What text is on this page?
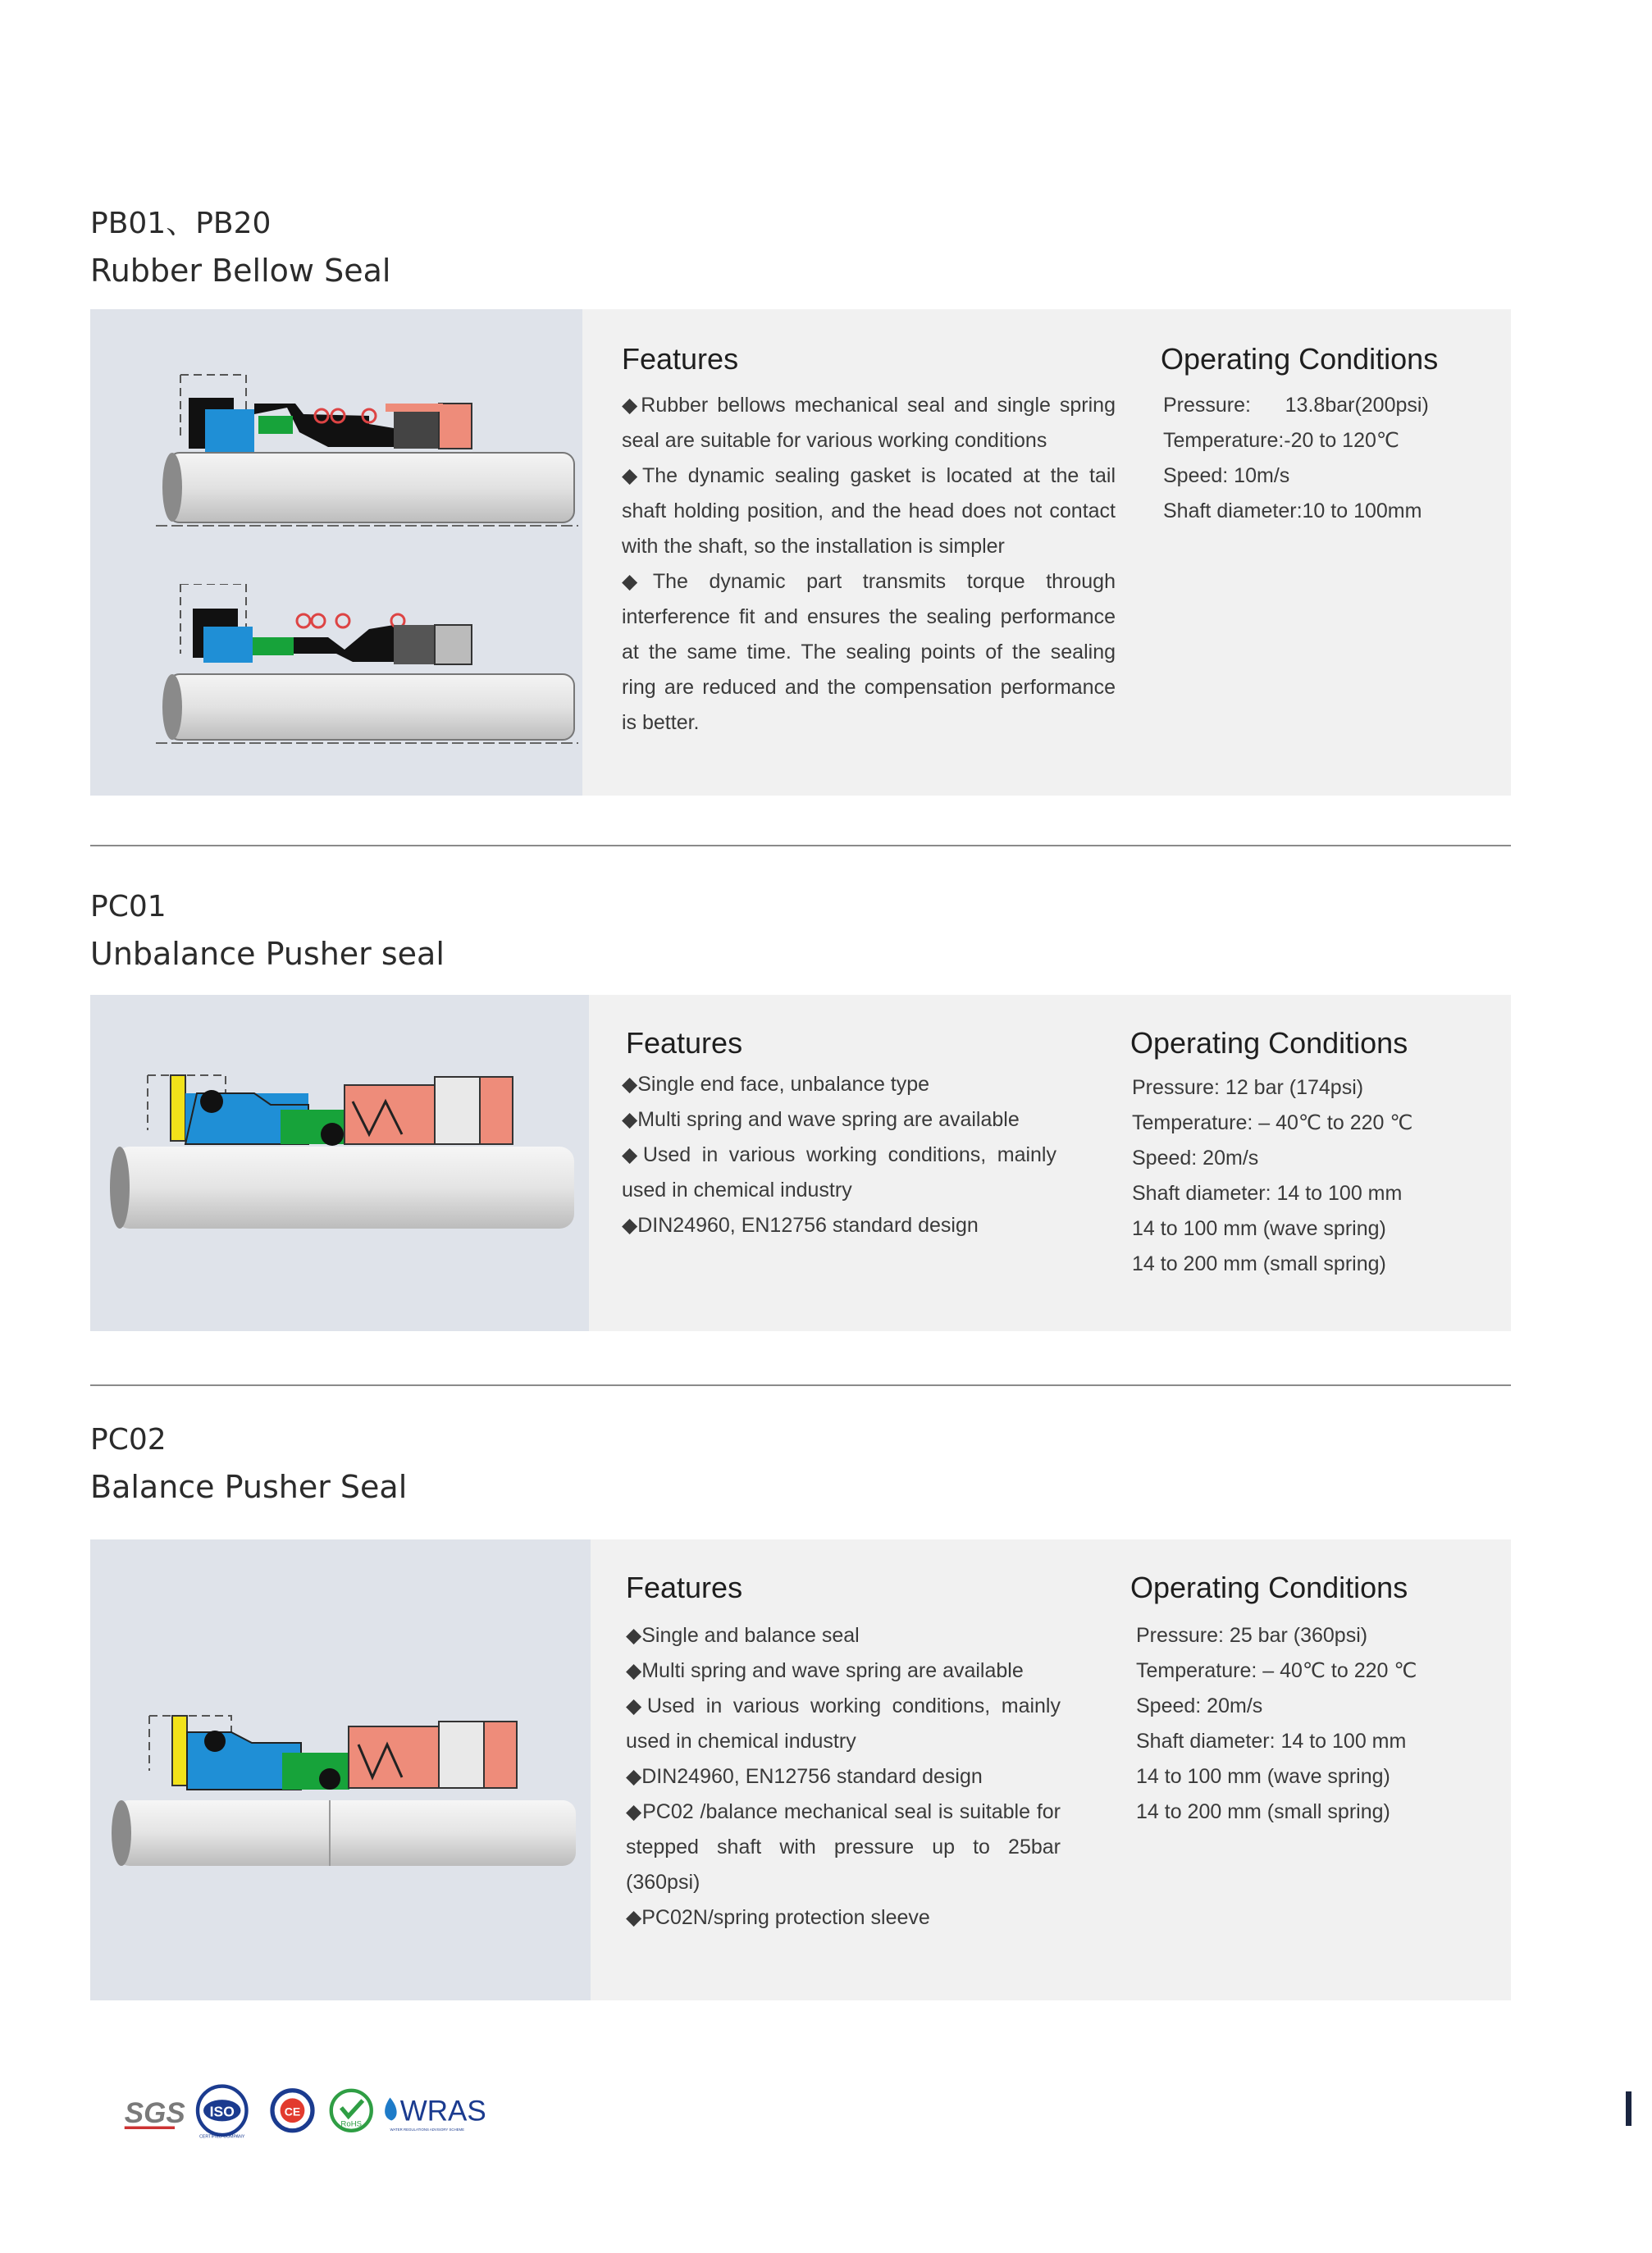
PB01、PB20
Rubber Bellow Seal
Features
◆Rubber bellows mechanical seal and single spring seal are suitable for various working conditions
◆The dynamic sealing gasket is located at the tail shaft holding position, and the head does not contact with the shaft, so the installation is simpler
◆The dynamic part transmits torque through interference fit and ensures the sealing performance at the same time. The sealing points of the sealing ring are reduced and the compensation performance is better.
Operating Conditions
Pressure:      13.8bar(200psi)
Temperature:-20 to 120℃
Speed: 10m/s
Shaft diameter:10 to 100mm
PC01
Unbalance Pusher seal
Features
◆Single end face, unbalance type
◆Multi spring and wave spring are available
◆Used in various working conditions, mainly used in chemical industry
◆DIN24960, EN12756 standard design
Operating Conditions
Pressure: 12 bar (174psi)
Temperature: – 40℃ to 220 ℃
Speed: 20m/s
Shaft diameter: 14 to 100 mm
14 to 100 mm (wave spring)
14 to 200 mm (small spring)
PC02
Balance Pusher Seal
Features
◆Single and balance seal
◆Multi spring and wave spring are available
◆Used in various working conditions, mainly used in chemical industry
◆DIN24960, EN12756 standard design
◆PC02 /balance mechanical seal is suitable for stepped shaft with pressure up to 25bar (360psi)
◆PC02N/spring protection sleeve
Operating Conditions
Pressure: 25 bar (360psi)
Temperature: – 40℃ to 220 ℃
Speed: 20m/s
Shaft diameter: 14 to 100 mm
14 to 100 mm (wave spring)
14 to 200 mm (small spring)
SGS ISO
CERTIFIED COMPANY
CE
RoHS WRAS
WATER REGULATIONS ADVISORY SCHEME
